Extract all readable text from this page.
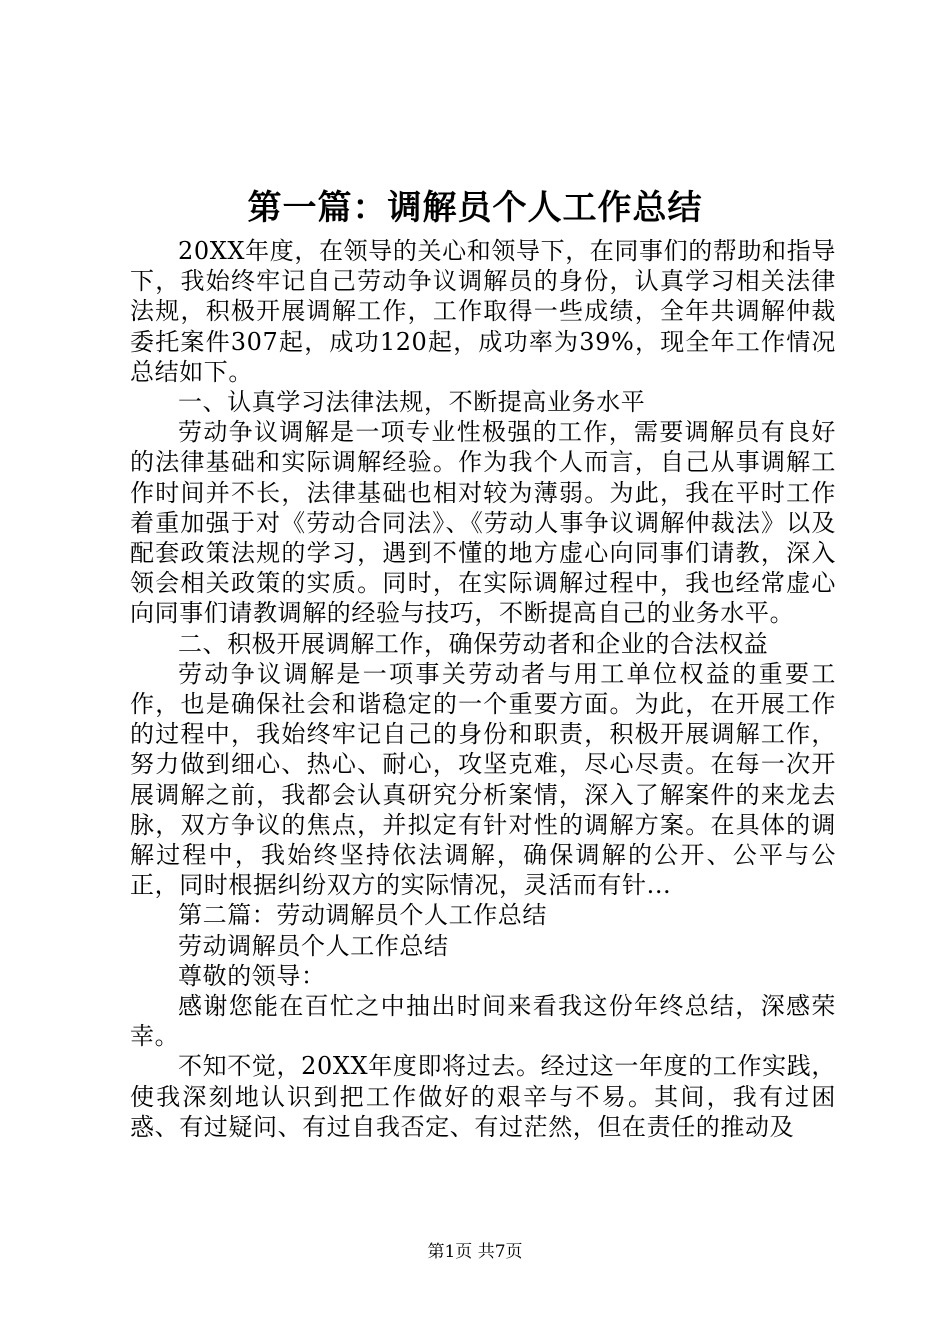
第一篇：调解员个人工作总结

20XX年度，在领导的关心和领导下，在同事们的帮助和指导下，我始终牢记自己劳动争议调解员的身份，认真学习相关法律法规，积极开展调解工作，工作取得一些成绩，全年共调解仲裁委托案件307起，成功120起，成功率为39%，现全年工作情况总结如下。

一、认真学习法律法规，不断提高业务水平

劳动争议调解是一项专业性极强的工作，需要调解员有良好的法律基础和实际调解经验。作为我个人而言，自己从事调解工作时间并不长，法律基础也相对较为薄弱。为此，我在平时工作着重加强于对《劳动合同法》、《劳动人事争议调解仲裁法》以及配套政策法规的学习，遇到不懂的地方虚心向同事们请教，深入领会相关政策的实质。同时，在实际调解过程中，我也经常虚心向同事们请教调解的经验与技巧，不断提高自己的业务水平。

二、积极开展调解工作，确保劳动者和企业的合法权益

劳动争议调解是一项事关劳动者与用工单位权益的重要工作，也是确保社会和谐稳定的一个重要方面。为此，在开展工作的过程中，我始终牢记自己的身份和职责，积极开展调解工作，努力做到细心、热心、耐心，攻坚克难，尽心尽责。在每一次开展调解之前，我都会认真研究分析案情，深入了解案件的来龙去脉，双方争议的焦点，并拟定有针对性的调解方案。在具体的调解过程中，我始终坚持依法调解，确保调解的公开、公平与公正，同时根据纠纷双方的实际情况，灵活而有针...

第二篇：劳动调解员个人工作总结

劳动调解员个人工作总结

尊敬的领导：

感谢您能在百忙之中抽出时间来看我这份年终总结，深感荣幸。

不知不觉，20XX年度即将过去。经过这一年度的工作实践，使我深刻地认识到把工作做好的艰辛与不易。其间，我有过困惑、有过疑问、有过自我否定、有过茫然，但在责任的推动及

第1页 共7页
